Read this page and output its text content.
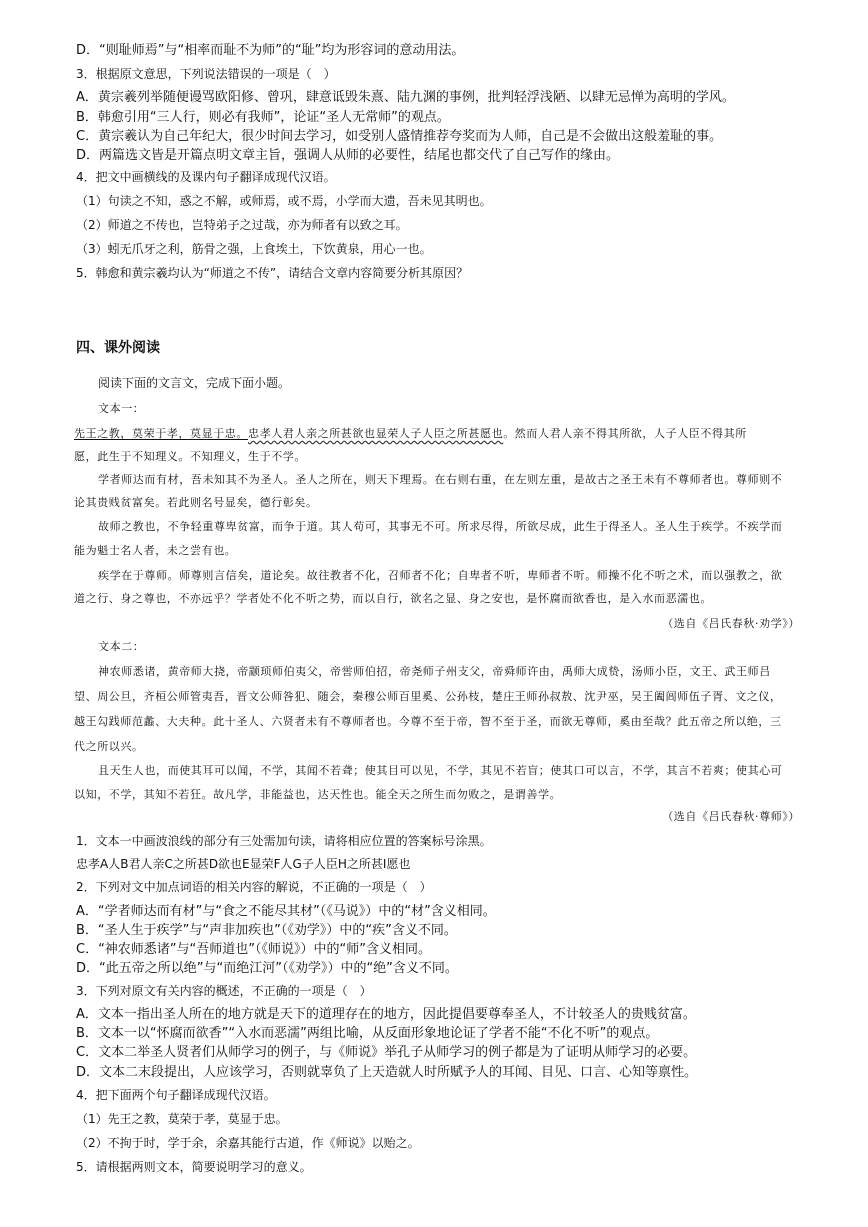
D．“则耻师焉”与“相率而耻不为师”的“耻”均为形容词的意动用法。
3．根据原文意思，下列说法错误的一项是（　）
A．黄宗羲列举随便谩骂欧阳修、曾巩，肆意诋毁朱熹、陆九渊的事例，批判轻浮浅陋、以肆无忌惮为高明的学风。
B．韩愈引用“三人行，则必有我师”，论证“圣人无常师”的观点。
C．黄宗羲认为自己年纪大，很少时间去学习，如受别人盛情推荐夸奖而为人师，自己是不会做出这般羞耻的事。
D．两篇选文皆是开篇点明文章主旨，强调人从师的必要性，结尾也都交代了自己写作的缘由。
4．把文中画横线的及课内句子翻译成现代汉语。
（1）句读之不知，惑之不解，或师焉，或不焉，小学而大遗，吾未见其明也。
（2）师道之不传也，岂特弟子之过哉，亦为师者有以致之耳。
（3）蚓无爪牙之利，筋骨之强，上食埃土，下饮黄泉，用心一也。
5．韩愈和黄宗羲均认为“师道之不传”，请结合文章内容简要分析其原因？
四、课外阅读
阅读下面的文言文，完成下面小题。
文本一：
先王之教，莫荣于孝，莫显于忠。忠孝人君人亲之所甚欲也显荣人子人臣之所甚愿也。然而人君人亲不得其所欲，人子人臣不得其所
愿，此生于不知理义。不知理义，生于不学。
学者师达而有材，吾未知其不为圣人。圣人之所在，则天下理焉。在右则右重，在左则左重，是故古之圣王未有不尊师者也。尊师则不
论其贵贱贫富矣。若此则名号显矣，德行彰矣。
故师之教也，不争轻重尊卑贫富，而争于道。其人苟可，其事无不可。所求尽得，所欲尽成，此生于得圣人。圣人生于疾学。不疾学而
能为魁士名人者，未之尝有也。
疾学在于尊师。师尊则言信矣，道论矣。故往教者不化，召师者不化；自卑者不听，卑师者不听。师操不化不听之术，而以强教之，欲
道之行、身之尊也，不亦远乎？学者处不化不听之势，而以自行，欲名之显、身之安也，是怀腐而欲香也，是入水而恶濡也。
（选自《吕氏春秋·劝学》）
文本二：
神农师悉诸，黄帝师大挠，帝颛顼师伯夷父，帝喾师伯招，帝尧师子州支父，帝舜师许由，禹师大成贽，汤师小臣，文王、武王师吕
望、周公旦，齐桓公师管夷吾，晋文公师咎犯、随会，秦穆公师百里奚、公孙枝，楚庄王师孙叔敖、沈尹巫，吴王阖闾师伍子胥、文之仪，
越王勾践师范蠡、大夫种。此十圣人、六贤者未有不尊师者也。今尊不至于帝，智不至于圣，而欲无尊师，奚由至哉？此五帝之所以绝，三
代之所以兴。
且天生人也，而使其耳可以闻，不学，其闻不若聋；使其目可以见，不学，其见不若盲；使其口可以言，不学，其言不若爽；使其心可
以知，不学，其知不若狂。故凡学，非能益也，达天性也。能全天之所生而勿败之，是谓善学。
（选自《吕氏春秋·尊师》）
1．文本一中画波浪线的部分有三处需加句读，请将相应位置的答案标号涂黑。
忠孝A人B君人亲C之所甚D欲也E显荣F人G子人臣H之所甚I愿也
2．下列对文中加点词语的相关内容的解说，不正确的一项是（　）
A．“学者师达而有材”与“食之不能尽其材”（《马说》）中的“材”含义相同。
B．“圣人生于疾学”与“声非加疾也”（《劝学》）中的“疾”含义不同。
C．“神农师悉诸”与“吾师道也”（《师说》）中的“师”含义相同。
D．“此五帝之所以绝”与“而绝江河”（《劝学》）中的“绝”含义不同。
3．下列对原文有关内容的概述，不正确的一项是（　）
A．文本一指出圣人所在的地方就是天下的道理存在的地方，因此提倡要尊奉圣人，不计较圣人的贵贱贫富。
B．文本一以“怀腐而欲香”“入水而恶濡”两组比喻，从反面形象地论证了学者不能“不化不听”的观点。
C．文本二举圣人贤者们从师学习的例子，与《师说》举孔子从师学习的例子都是为了证明从师学习的必要。
D．文本二末段提出，人应该学习，否则就辜负了上天造就人时所赋予人的耳闻、目见、口言、心知等禀性。
4．把下面两个句子翻译成现代汉语。
（1）先王之教，莫荣于孝，莫显于忠。
（2）不拘于时，学于余，余嘉其能行古道，作《师说》以贻之。
5．请根据两则文本，简要说明学习的意义。
